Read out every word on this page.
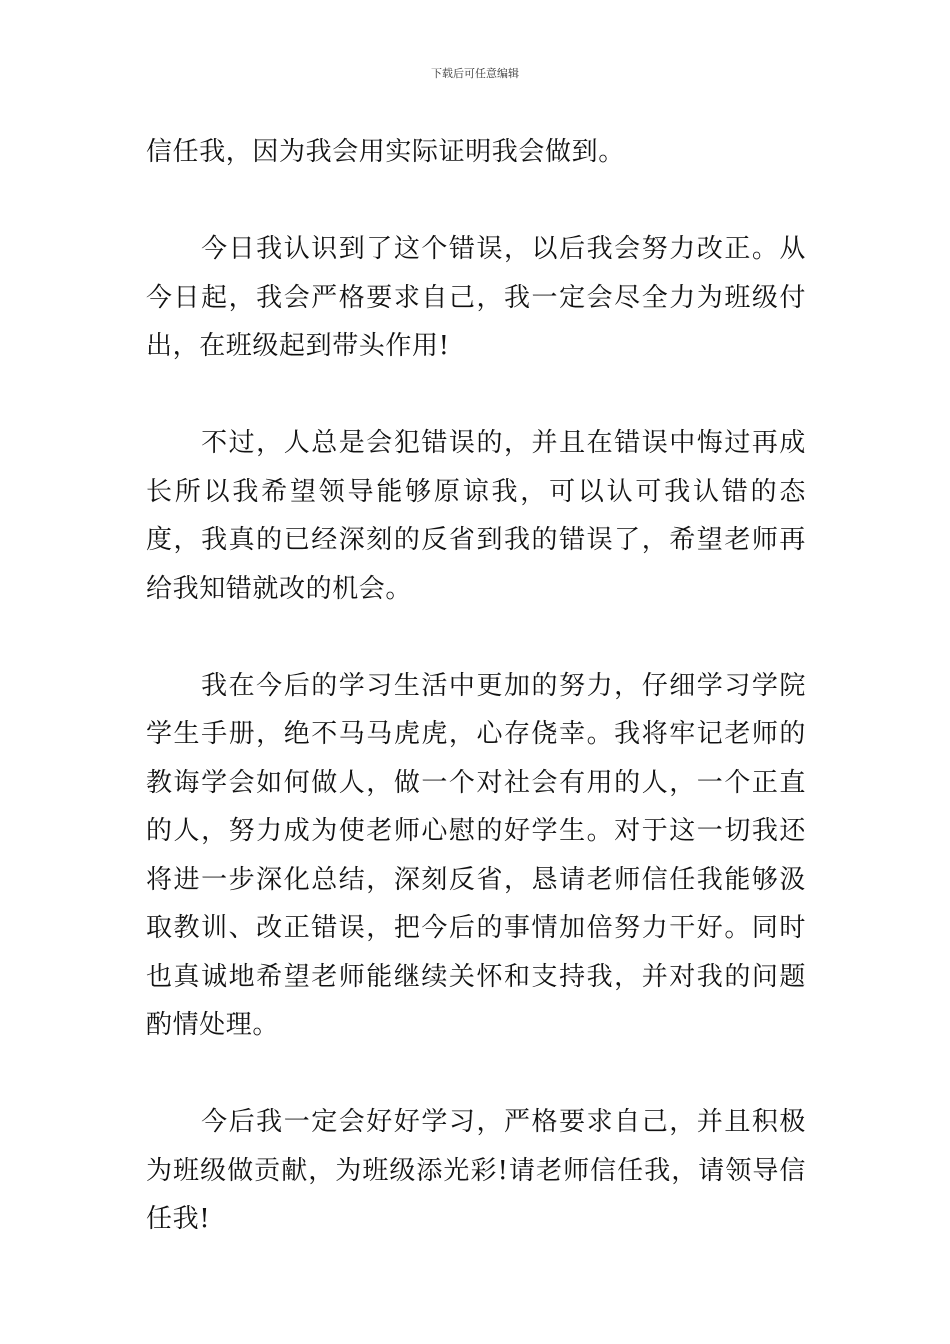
下载后可任意编辑

信任我，因为我会用实际证明我会做到。

　　今日我认识到了这个错误，以后我会努力改正。从今日起，我会严格要求自己，我一定会尽全力为班级付出，在班级起到带头作用!

　　不过，人总是会犯错误的，并且在错误中悔过再成长所以我希望领导能够原谅我，可以认可我认错的态度，我真的已经深刻的反省到我的错误了，希望老师再给我知错就改的机会。

　　我在今后的学习生活中更加的努力，仔细学习学院学生手册，绝不马马虎虎，心存侥幸。我将牢记老师的教诲学会如何做人，做一个对社会有用的人，一个正直的人，努力成为使老师心慰的好学生。对于这一切我还将进一步深化总结，深刻反省，恳请老师信任我能够汲取教训、改正错误，把今后的事情加倍努力干好。同时也真诚地希望老师能继续关怀和支持我，并对我的问题酌情处理。

　　今后我一定会好好学习，严格要求自己，并且积极为班级做贡献，为班级添光彩!请老师信任我，请领导信任我!
